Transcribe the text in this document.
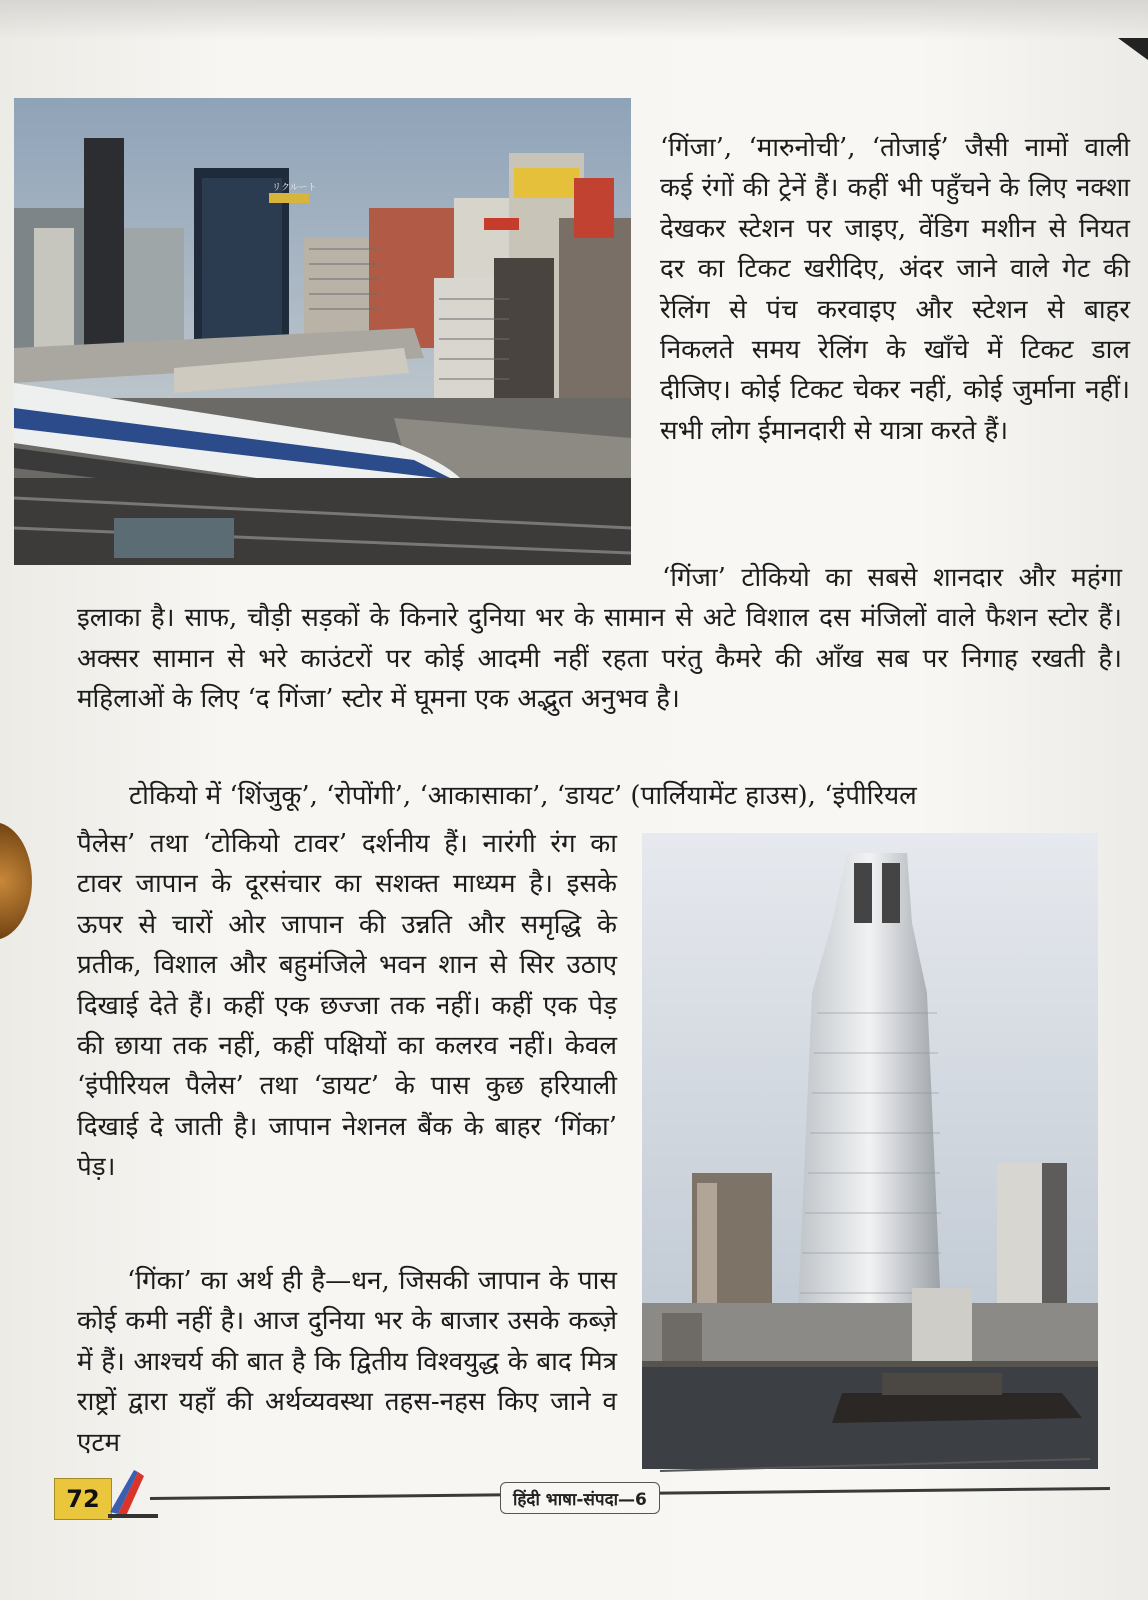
リクルート

‘गिंजा’, ‘मारुनोची’, ‘तोजाई’ जैसी नामों वाली कई रंगों की ट्रेनें हैं। कहीं भी पहुँचने के लिए नक्शा देखकर स्टेशन पर जाइए, वेंडिग मशीन से नियत दर का टिकट खरीदिए, अंदर जाने वाले गेट की रेलिंग से पंच करवाइए और स्टेशन से बाहर निकलते समय रेलिंग के खाँचे में टिकट डाल दीजिए। कोई टिकट चेकर नहीं, कोई जुर्माना नहीं। सभी लोग ईमानदारी से यात्रा करते हैं।

‘गिंजा’ टोकियो का सबसे शानदार और महंगा इलाका है। साफ, चौड़ी सड़कों के किनारे दुनिया भर के सामान से अटे विशाल दस मंजिलों वाले फैशन स्टोर हैं। अक्सर सामान से भरे काउंटरों पर कोई आदमी नहीं रहता परंतु कैमरे की आँख सब पर निगाह रखती है। महिलाओं के लिए ‘द गिंजा’ स्टोर में घूमना एक अद्भुत अनुभव है।

टोकियो में ‘शिंजुकू’, ‘रोपोंगी’, ‘आकासाका’, ‘डायट’ (पार्लियामेंट हाउस), ‘इंपीरियल

पैलेस’ तथा ‘टोकियो टावर’ दर्शनीय हैं। नारंगी रंग का टावर जापान के दूरसंचार का सशक्त माध्यम है। इसके ऊपर से चारों ओर जापान की उन्नति और समृद्धि के प्रतीक, विशाल और बहुमंजिले भवन शान से सिर उठाए दिखाई देते हैं। कहीं एक छज्जा तक नहीं। कहीं एक पेड़ की छाया तक नहीं, कहीं पक्षियों का कलरव नहीं। केवल ‘इंपीरियल पैलेस’ तथा ‘डायट’ के पास कुछ हरियाली दिखाई दे जाती है। जापान नेशनल बैंक के बाहर ‘गिंका’ पेड़।

‘गिंका’ का अर्थ ही है—धन, जिसकी जापान के पास कोई कमी नहीं है। आज दुनिया भर के बाजार उसके कब्ज़े में हैं। आश्चर्य की बात है कि द्वितीय विश्वयुद्ध के बाद मित्र राष्ट्रों द्वारा यहाँ की अर्थव्यवस्था तहस-नहस किए जाने व एटम

72	हिंदी भाषा-संपदा—6
